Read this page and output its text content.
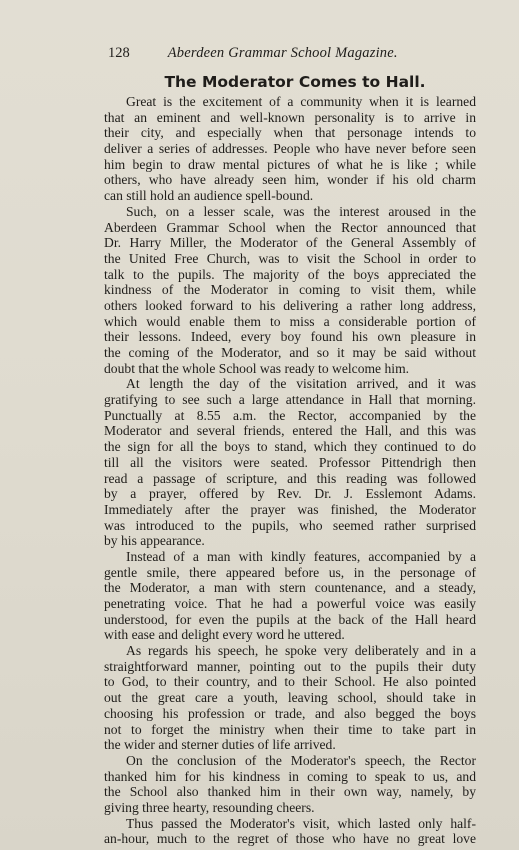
128	Aberdeen Grammar School Magazine.
The Moderator Comes to Hall.
Great is the excitement of a community when it is learned
that an eminent and well-known personality is to arrive in
their city, and especially when that personage intends to
deliver a series of addresses. People who have never before seen
him begin to draw mental pictures of what he is like ; while
others, who have already seen him, wonder if his old charm
can still hold an audience spell-bound.
Such, on a lesser scale, was the interest aroused in the
Aberdeen Grammar School when the Rector announced that
Dr. Harry Miller, the Moderator of the General Assembly of
the United Free Church, was to visit the School in order to
talk to the pupils. The majority of the boys appreciated the
kindness of the Moderator in coming to visit them, while
others looked forward to his delivering a rather long address,
which would enable them to miss a considerable portion of
their lessons. Indeed, every boy found his own pleasure in
the coming of the Moderator, and so it may be said without
doubt that the whole School was ready to welcome him.
At length the day of the visitation arrived, and it was
gratifying to see such a large attendance in Hall that morning.
Punctually at 8.55 a.m. the Rector, accompanied by the
Moderator and several friends, entered the Hall, and this was
the sign for all the boys to stand, which they continued to do
till all the visitors were seated. Professor Pittendrigh then
read a passage of scripture, and this reading was followed
by a prayer, offered by Rev. Dr. J. Esslemont Adams.
Immediately after the prayer was finished, the Moderator
was introduced to the pupils, who seemed rather surprised
by his appearance.
Instead of a man with kindly features, accompanied by a
gentle smile, there appeared before us, in the personage of
the Moderator, a man with stern countenance, and a steady,
penetrating voice. That he had a powerful voice was easily
understood, for even the pupils at the back of the Hall heard
with ease and delight every word he uttered.
As regards his speech, he spoke very deliberately and in a
straightforward manner, pointing out to the pupils their duty
to God, to their country, and to their School. He also pointed
out the great care a youth, leaving school, should take in
choosing his profession or trade, and also begged the boys
not to forget the ministry when their time to take part in
the wider and sterner duties of life arrived.
On the conclusion of the Moderator's speech, the Rector
thanked him for his kindness in coming to speak to us, and
the School also thanked him in their own way, namely, by
giving three hearty, resounding cheers.
Thus passed the Moderator's visit, which lasted only half-
an-hour, much to the regret of those who have no great love
